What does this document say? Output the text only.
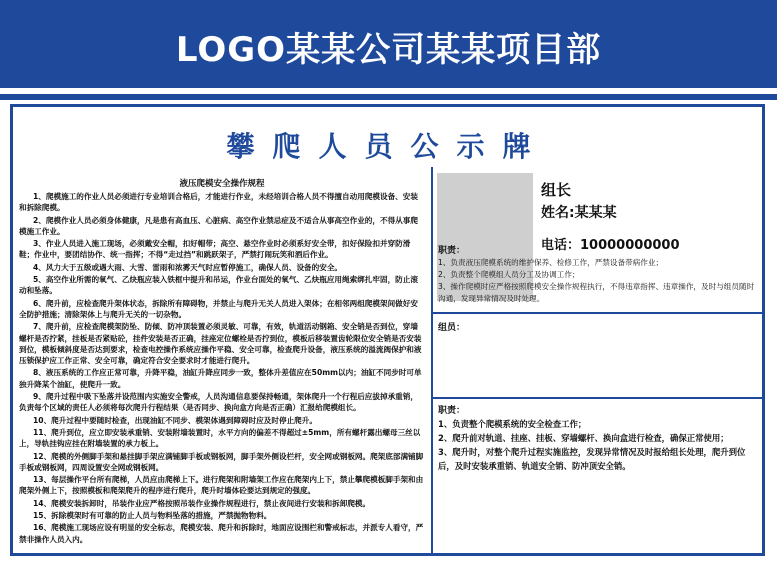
LOGO某某公司某某项目部
攀爬人员公示牌
液压爬模安全操作规程

1、爬模施工的作业人员必须进行专业培训合格后，才能进行作业，未经培训合格人员不得擅自动用爬模设备、安装和拆除爬模。

2、爬模作业人员必须身体健康，凡是患有高血压、心脏病、高空作业禁忌症及不适合从事高空作业的，不得从事爬模施工作业。

3、作业人员进入施工现场，必须戴安全帽，扣好帽带；高空、悬空作业时必须系好安全带，扣好保险扣并穿防滑鞋；作业中，要团结协作、统一指挥；不得“走过挡”和跳跃架子，严禁打闹玩笑和酒后作业。

4、风力大于五级或遇大雨、大雪、雷雨和浓雾天气时应暂停施工，确保人员、设备的安全。

5、高空作业所需的氧气、乙炔瓶应装入铁框中提升和吊运，作业台面处的氧气、乙炔瓶应用绳索绑扎牢固，防止滚动和坠落。

6、爬升前，应检查爬升架体状态，拆除所有障碍物，并禁止与爬升无关人员进入架体；在相邻两组爬模架间做好安全防护措施；清除架体上与爬升无关的一切杂物。

7、爬升前，应检查爬模架防坠、防倾、防冲顶装置必须灵敏、可靠，有效，轨道活动钢箱、安全销是否到位，穿墙螺杆是否拧紧，挂板是否紧贴砼，挂件安装是否正确，挂座定位螺栓是否拧到位，模板后移装置齿轮限位安全销是否安装到位，模板倾斜度是否达到要求，检查电控操作系统应操作平稳、安全可靠，检查爬升设备，液压系统的溢流阀保护和液压锁保护应工作正常、安全可靠，确定符合安全要求时才能进行爬升。

8、液压系统的工作应正常可靠，升降平稳，油缸升降应同步一致，整体升差值应在50mm以内；油缸不同步时可单独升降某个油缸，使爬升一致。

9、爬升过程中吸下坠落并设范围内实施安全警戒，人员沟通信息要保持畅通，架体爬升一个行程后应拔掉承重销，负责每个区域的责任人必须将每次爬升行程结果（是否同步、换向盒方向是否正确）汇报给爬模组长。

10、爬升过程中要随时检查，出现油缸不同步、模架体遇到障碍时应及时停止爬升。

11、爬升到位，应立即安装承重销、安装附墙装置时，水平方向的偏差不得超过±5mm，所有螺杆露出螺母三丝以上，导轨挂钩应挂在附墙装置的承力板上。

12、爬模的外侧脚手架和悬挂脚手架应满铺脚手板或钢板网，脚手架外侧设栏杆，安全网或钢板网。爬架底部满铺脚手板或钢板网，四周设置安全网或钢板网。

13、每层操作平台所有爬梯，人员应由爬梯上下。进行爬架和附墙架工作应在爬架内上下，禁止攀爬模板脚手架和由爬架外侧上下，按照模板和爬架爬升的程序进行爬升，爬升时墙体砼要达到规定的强度。

14、爬模安装拆卸时，吊装作业应严格按照吊装作业操作规程进行，禁止夜间进行安装和拆卸爬模。

15、拆除模架时有可靠的防止人员与物料坠落的措施，严禁抛物物料。

16、爬模施工现场应设有明显的安全标志，爬模安装、爬升和拆除时，地面应设围栏和警戒标志，并派专人看守，严禁非操作人员入内。

组长
姓名:某某某
电话：10000000000
职责：
1、负责液压爬模系统的维护保养、检修工作，严禁设备带病作业；
2、负责整个爬模组人员分工及协调工作；
3、操作爬模时应严格按照爬模安全操作规程执行，不得违章指挥、违章操作，及时与组员随时沟通，发现异常情况及时处理。
组员：
职责：
1、负责整个爬模系统的安全检查工作；
2、爬升前对轨道、挂座、挂板、穿墙螺杆、换向盒进行检查，确保正常使用；
3、爬升时，对整个爬升过程实施监控，发现异常情况及时报给组长处理，爬升到位后，及时安装承重销、轨道安全销、防冲顶安全销。
